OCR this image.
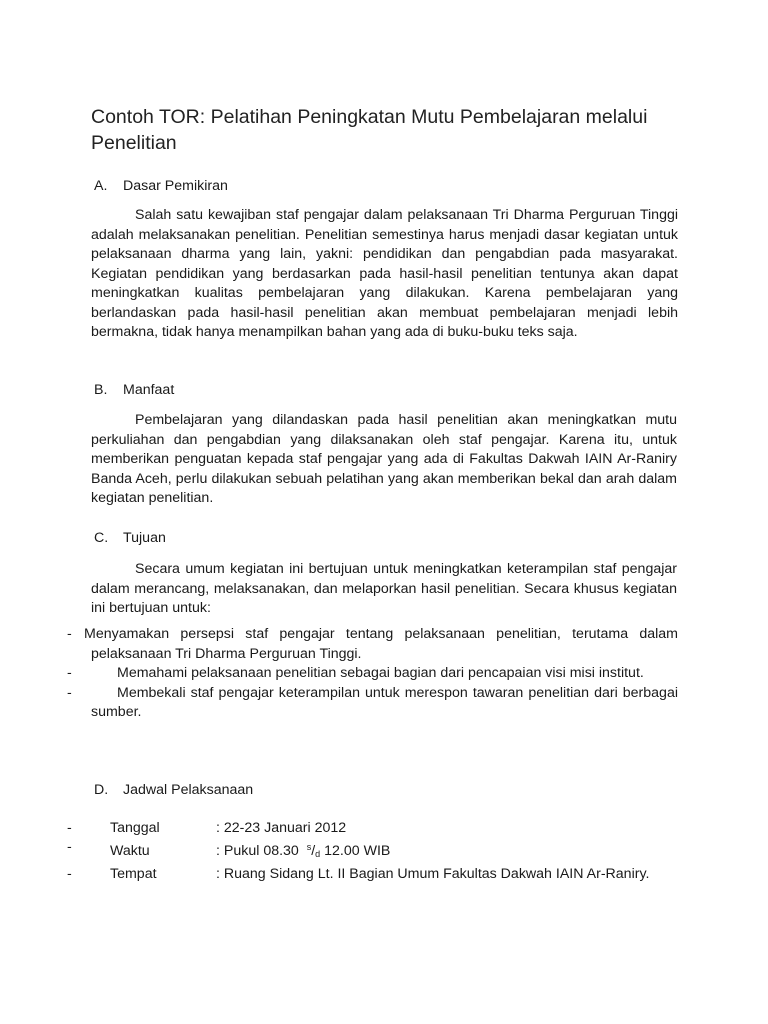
Contoh TOR: Pelatihan Peningkatan Mutu Pembelajaran melalui Penelitian

A. Dasar Pemikiran

Salah satu kewajiban staf pengajar dalam pelaksanaan Tri Dharma Perguruan Tinggi adalah melaksanakan penelitian. Penelitian semestinya harus menjadi dasar kegiatan untuk pelaksanaan dharma yang lain, yakni: pendidikan dan pengabdian pada masyarakat. Kegiatan pendidikan yang berdasarkan pada hasil-hasil penelitian tentunya akan dapat meningkatkan kualitas pembelajaran yang dilakukan. Karena pembelajaran yang berlandaskan pada hasil-hasil penelitian akan membuat pembelajaran menjadi lebih bermakna, tidak hanya menampilkan bahan yang ada di buku-buku teks saja.

B. Manfaat

Pembelajaran yang dilandaskan pada hasil penelitian akan meningkatkan mutu perkuliahan dan pengabdian yang dilaksanakan oleh staf pengajar. Karena itu, untuk memberikan penguatan kepada staf pengajar yang ada di Fakultas Dakwah IAIN Ar-Raniry Banda Aceh, perlu dilakukan sebuah pelatihan yang akan memberikan bekal dan arah dalam kegiatan penelitian.

C. Tujuan

Secara umum kegiatan ini bertujuan untuk meningkatkan keterampilan staf pengajar dalam merancang, melaksanakan, dan melaporkan hasil penelitian. Secara khusus kegiatan ini bertujuan untuk:

- Menyamakan persepsi staf pengajar tentang pelaksanaan penelitian, terutama dalam pelaksanaan Tri Dharma Perguruan Tinggi.
-	Memahami pelaksanaan penelitian sebagai bagian dari pencapaian visi misi institut.
-	Membekali staf pengajar keterampilan untuk merespon tawaran penelitian dari berbagai sumber.

D. Jadwal Pelaksanaan

-	Tanggal	: 22-23 Januari 2012
-	Waktu	: Pukul 08.30 $^s/_d$ 12.00 WIB
-	Tempat	: Ruang Sidang Lt. II Bagian Umum Fakultas Dakwah IAIN Ar-Raniry.
